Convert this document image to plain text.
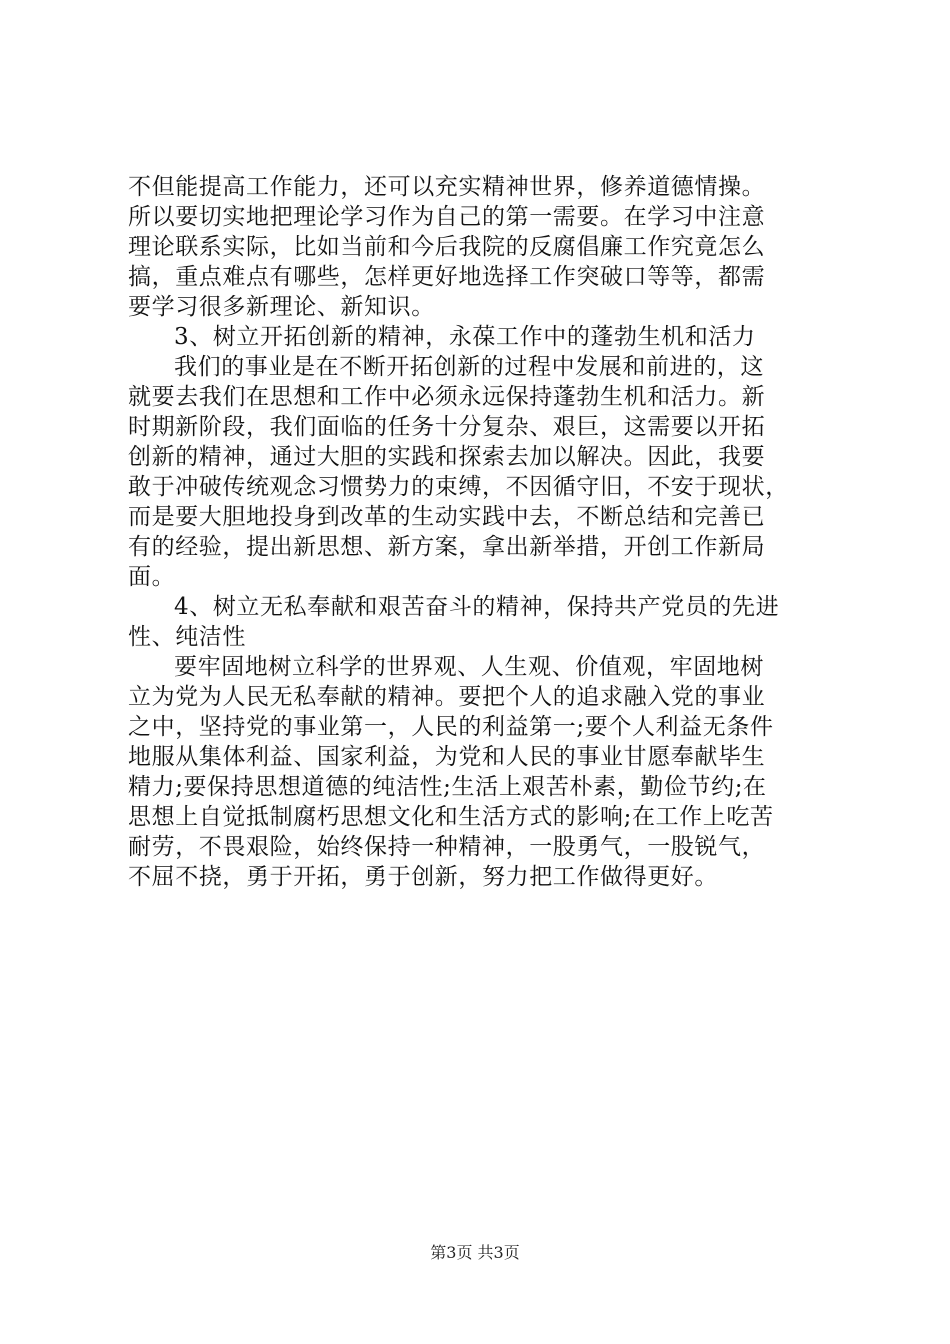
不但能提高工作能力，还可以充实精神世界，修养道德情操。
所以要切实地把理论学习作为自己的第一需要。在学习中注意
理论联系实际，比如当前和今后我院的反腐倡廉工作究竟怎么
搞，重点难点有哪些，怎样更好地选择工作突破口等等，都需
要学习很多新理论、新知识。
3、树立开拓创新的精神，永葆工作中的蓬勃生机和活力
我们的事业是在不断开拓创新的过程中发展和前进的，这
就要去我们在思想和工作中必须永远保持蓬勃生机和活力。新
时期新阶段，我们面临的任务十分复杂、艰巨，这需要以开拓
创新的精神，通过大胆的实践和探索去加以解决。因此，我要
敢于冲破传统观念习惯势力的束缚，不因循守旧，不安于现状，
而是要大胆地投身到改革的生动实践中去，不断总结和完善已
有的经验，提出新思想、新方案，拿出新举措，开创工作新局
面。
4、树立无私奉献和艰苦奋斗的精神，保持共产党员的先进
性、纯洁性
要牢固地树立科学的世界观、人生观、价值观，牢固地树
立为党为人民无私奉献的精神。要把个人的追求融入党的事业
之中，坚持党的事业第一，人民的利益第一;要个人利益无条件
地服从集体利益、国家利益，为党和人民的事业甘愿奉献毕生
精力;要保持思想道德的纯洁性;生活上艰苦朴素，勤俭节约;在
思想上自觉抵制腐朽思想文化和生活方式的影响;在工作上吃苦
耐劳，不畏艰险，始终保持一种精神，一股勇气，一股锐气，
不屈不挠，勇于开拓，勇于创新，努力把工作做得更好。
第3页 共3页
